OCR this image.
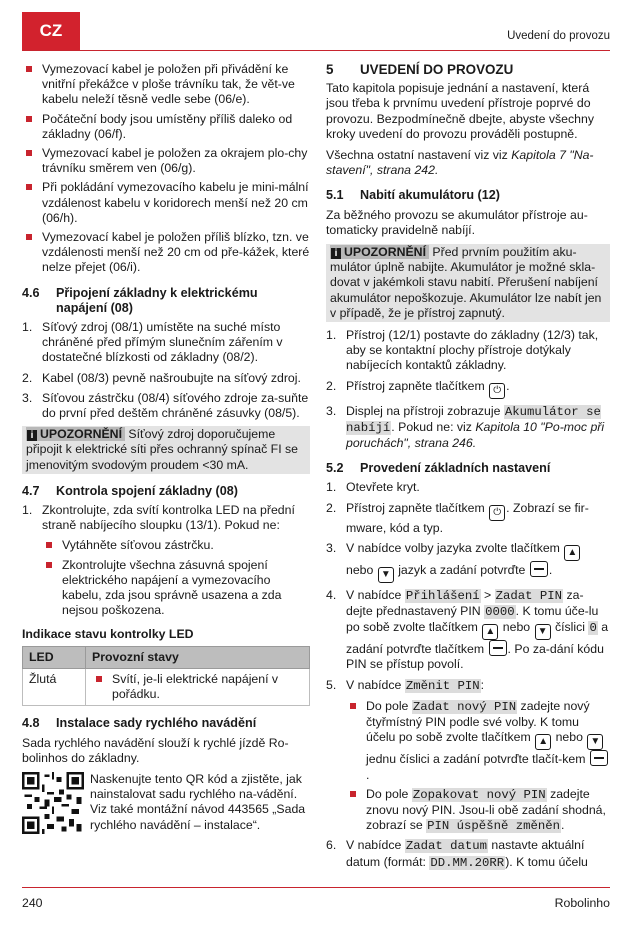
CZ	Uvedení do provozu
Vymezovací kabel je položen při přivádění ke vnitřní překážce v ploše trávníku tak, že vět-ve kabelu neleží těsně vedle sebe (06/e).
Počáteční body jsou umístěny příliš daleko od základny (06/f).
Vymezovací kabel je položen za okrajem plo-chy trávníku směrem ven (06/g).
Při pokládání vymezovacího kabelu je mini-mální vzdálenost kabelu v koridorech menší než 20 cm (06/h).
Vymezovací kabel je položen příliš blízko, tzn. ve vzdálenosti menší než 20 cm od pře-kážek, které nelze přejet (06/i).
4.6 Připojení základny k elektrickému napájení (08)
1. Síťový zdroj (08/1) umístěte na suché místo chráněné před přímým slunečním zářením v dostatečné blízkosti od základny (08/2).
2. Kabel (08/3) pevně našroubujte na síťový zdroj.
3. Síťovou zástrčku (08/4) síťového zdroje za-suňte do první před deštěm chráněné zásuvky (08/5).
i UPOZORNĚNÍ Síťový zdroj doporučujeme připojit k elektrické síti přes ochranný spínač FI se jmenovitým svodovým proudem <30 mA.
4.7 Kontrola spojení základny (08)
1. Zkontrolujte, zda svítí kontrolka LED na přední straně nabíjecího sloupku (13/1). Pokud ne:
Vytáhněte síťovou zástrčku.
Zkontrolujte všechna zásuvná spojení elektrického napájení a vymezovacího kabelu, zda jsou správně usazena a zda nejsou poškozena.
Indikace stavu kontrolky LED
LED	Provozní stavy
Žlutá	Svítí, je-li elektrické napájení v pořádku.
4.8 Instalace sady rychlého navádění

Sada rychlého navádění slouží k rychlé jízdě Ro-bolinhos do základny.

Naskenujte tento QR kód a zjistěte, jak nainstalovat sadu rychlého na-vádění. Viz také montážní návod 443565 „Sada rychlého navádění – instalace“.
5 UVEDENÍ DO PROVOZU

Tato kapitola popisuje jednání a nastavení, která jsou třeba k prvnímu uvedení přístroje poprvé do provozu. Bezpodmínečně dbejte, abyste všechny kroky uvedení do provozu prováděli postupně.

Všechna ostatní nastavení viz viz Kapitola 7 "Na-stavení", strana 242.

5.1 Nabití akumulátoru (12)

Za běžného provozu se akumulátor přístroje au-tomaticky pravidelně nabíjí.

i UPOZORNĚNÍ Před prvním použitím aku-mulátor úplně nabijte. Akumulátor je možné skla-dovat v jakémkoli stavu nabití. Přerušení nabíjení akumulátor nepoškozuje. Akumulátor lze nabít jen v případě, že je přístroj zapnutý.
1. Přístroj (12/1) postavte do základny (12/3) tak, aby se kontaktní plochy přístroje dotýkaly nabíjecích kontaktů základny.
2. Přístroj zapněte tlačítkem ⏻ .
3. Displej na přístroji zobrazuje Akumulátor se nabíjí. Pokud ne: viz Kapitola 10 "Po-moc při poruchách", strana 246.
5.2 Provedení základních nastavení
1. Otevřete kryt.
2. Přístroj zapněte tlačítkem ⏻ . Zobrazí se fir-mware, kód a typ.
3. V nabídce volby jazyka zvolte tlačítkem ▲ nebo ▼ jazyk a zadání potvrďte .
4. V nabídce Přihlášení > Zadat PIN za-dejte přednastavený PIN 0000. K tomu úče-lu po sobě zvolte tlačítkem ▲ nebo ▼ číslici 0 a zadání potvrďte tlačítkem . Po za-dání kódu PIN se přístup povolí.
5. V nabídce Změnit PIN:
Do pole Zadat nový PIN zadejte nový čtyřmístný PIN podle své volby. K tomu účelu po sobě zvolte tlačítkem ▲ nebo ▼ jednu číslici a zadání potvrďte tlačít-kem .
Do pole Zopakovat nový PIN zadejte znovu nový PIN. Jsou-li obě zadání shodná, zobrazí se PIN úspěšně změněn.
6. V nabídce Zadat datum nastavte aktuální datum (formát: DD.MM.20RR). K tomu účelu
240	Robolinho
